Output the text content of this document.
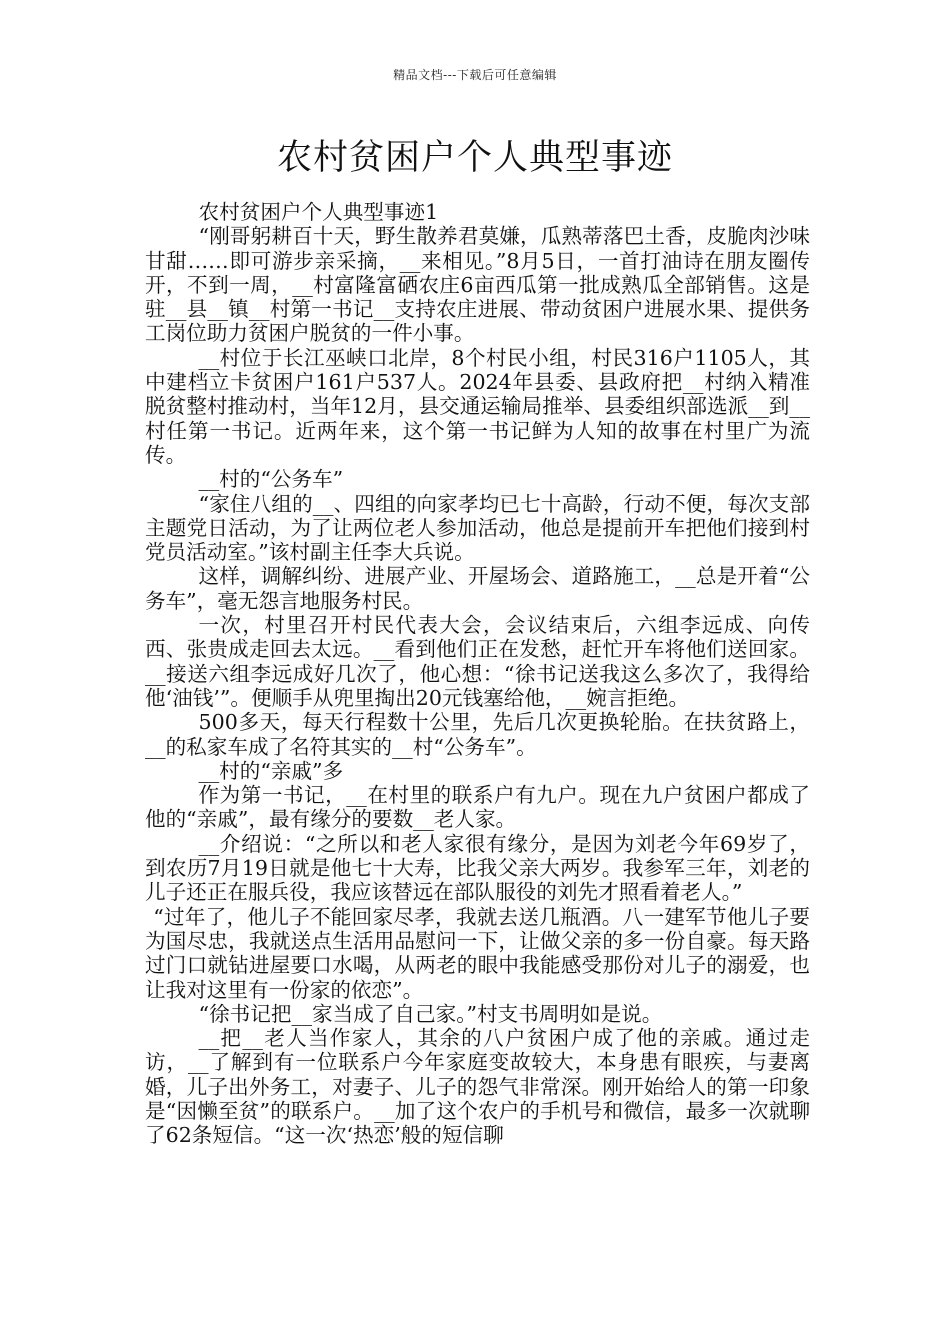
精品文档---下载后可任意编辑
农村贫困户个人典型事迹

农村贫困户个人典型事迹1

“刚哥躬耕百十天，野生散养君莫嫌，瓜熟蒂落巴土香，皮脆肉沙味甘甜……即可游步亲采摘，__来相见。”8月5日，一首打油诗在朋友圈传开，不到一周，__村富隆富硒农庄6亩西瓜第一批成熟瓜全部销售。这是驻__县__镇__村第一书记__支持农庄进展、带动贫困户进展水果、提供务工岗位助力贫困户脱贫的一件小事。

__村位于长江巫峡口北岸，8个村民小组，村民316户1105人，其中建档立卡贫困户161户537人。2024年县委、县政府把__村纳入精准脱贫整村推动村，当年12月，县交通运输局推举、县委组织部选派__到__村任第一书记。近两年来，这个第一书记鲜为人知的故事在村里广为流传。

__村的“公务车”

“家住八组的__、四组的向家孝均已七十高龄，行动不便，每次支部主题党日活动，为了让两位老人参加活动，他总是提前开车把他们接到村党员活动室。”该村副主任李大兵说。

这样，调解纠纷、进展产业、开屋场会、道路施工，__总是开着“公务车”，毫无怨言地服务村民。

一次，村里召开村民代表大会，会议结束后，六组李远成、向传西、张贵成走回去太远。__看到他们正在发愁，赶忙开车将他们送回家。__接送六组李远成好几次了，他心想：“徐书记送我这么多次了，我得给他‘油钱’”。便顺手从兜里掏出20元钱塞给他，__婉言拒绝。

500多天，每天行程数十公里，先后几次更换轮胎。在扶贫路上，__的私家车成了名符其实的__村“公务车”。

__村的“亲戚”多

作为第一书记，__在村里的联系户有九户。现在九户贫困户都成了他的“亲戚”，最有缘分的要数__老人家。

__介绍说：“之所以和老人家很有缘分，是因为刘老今年69岁了，到农历7月19日就是他七十大寿，比我父亲大两岁。我参军三年，刘老的儿子还正在服兵役，我应该替远在部队服役的刘先才照看着老人。”

“过年了，他儿子不能回家尽孝，我就去送几瓶酒。八一建军节他儿子要为国尽忠，我就送点生活用品慰问一下，让做父亲的多一份自豪。每天路过门口就钻进屋要口水喝，从两老的眼中我能感受那份对儿子的溺爱，也让我对这里有一份家的依恋”。

“徐书记把__家当成了自己家。”村支书周明如是说。

__把__老人当作家人，其余的八户贫困户成了他的亲戚。通过走访，__了解到有一位联系户今年家庭变故较大，本身患有眼疾，与妻离婚，儿子出外务工，对妻子、儿子的怨气非常深。刚开始给人的第一印象是“因懒至贫”的联系户。__加了这个农户的手机号和微信，最多一次就聊了62条短信。“这一次‘热恋’般的短信聊
